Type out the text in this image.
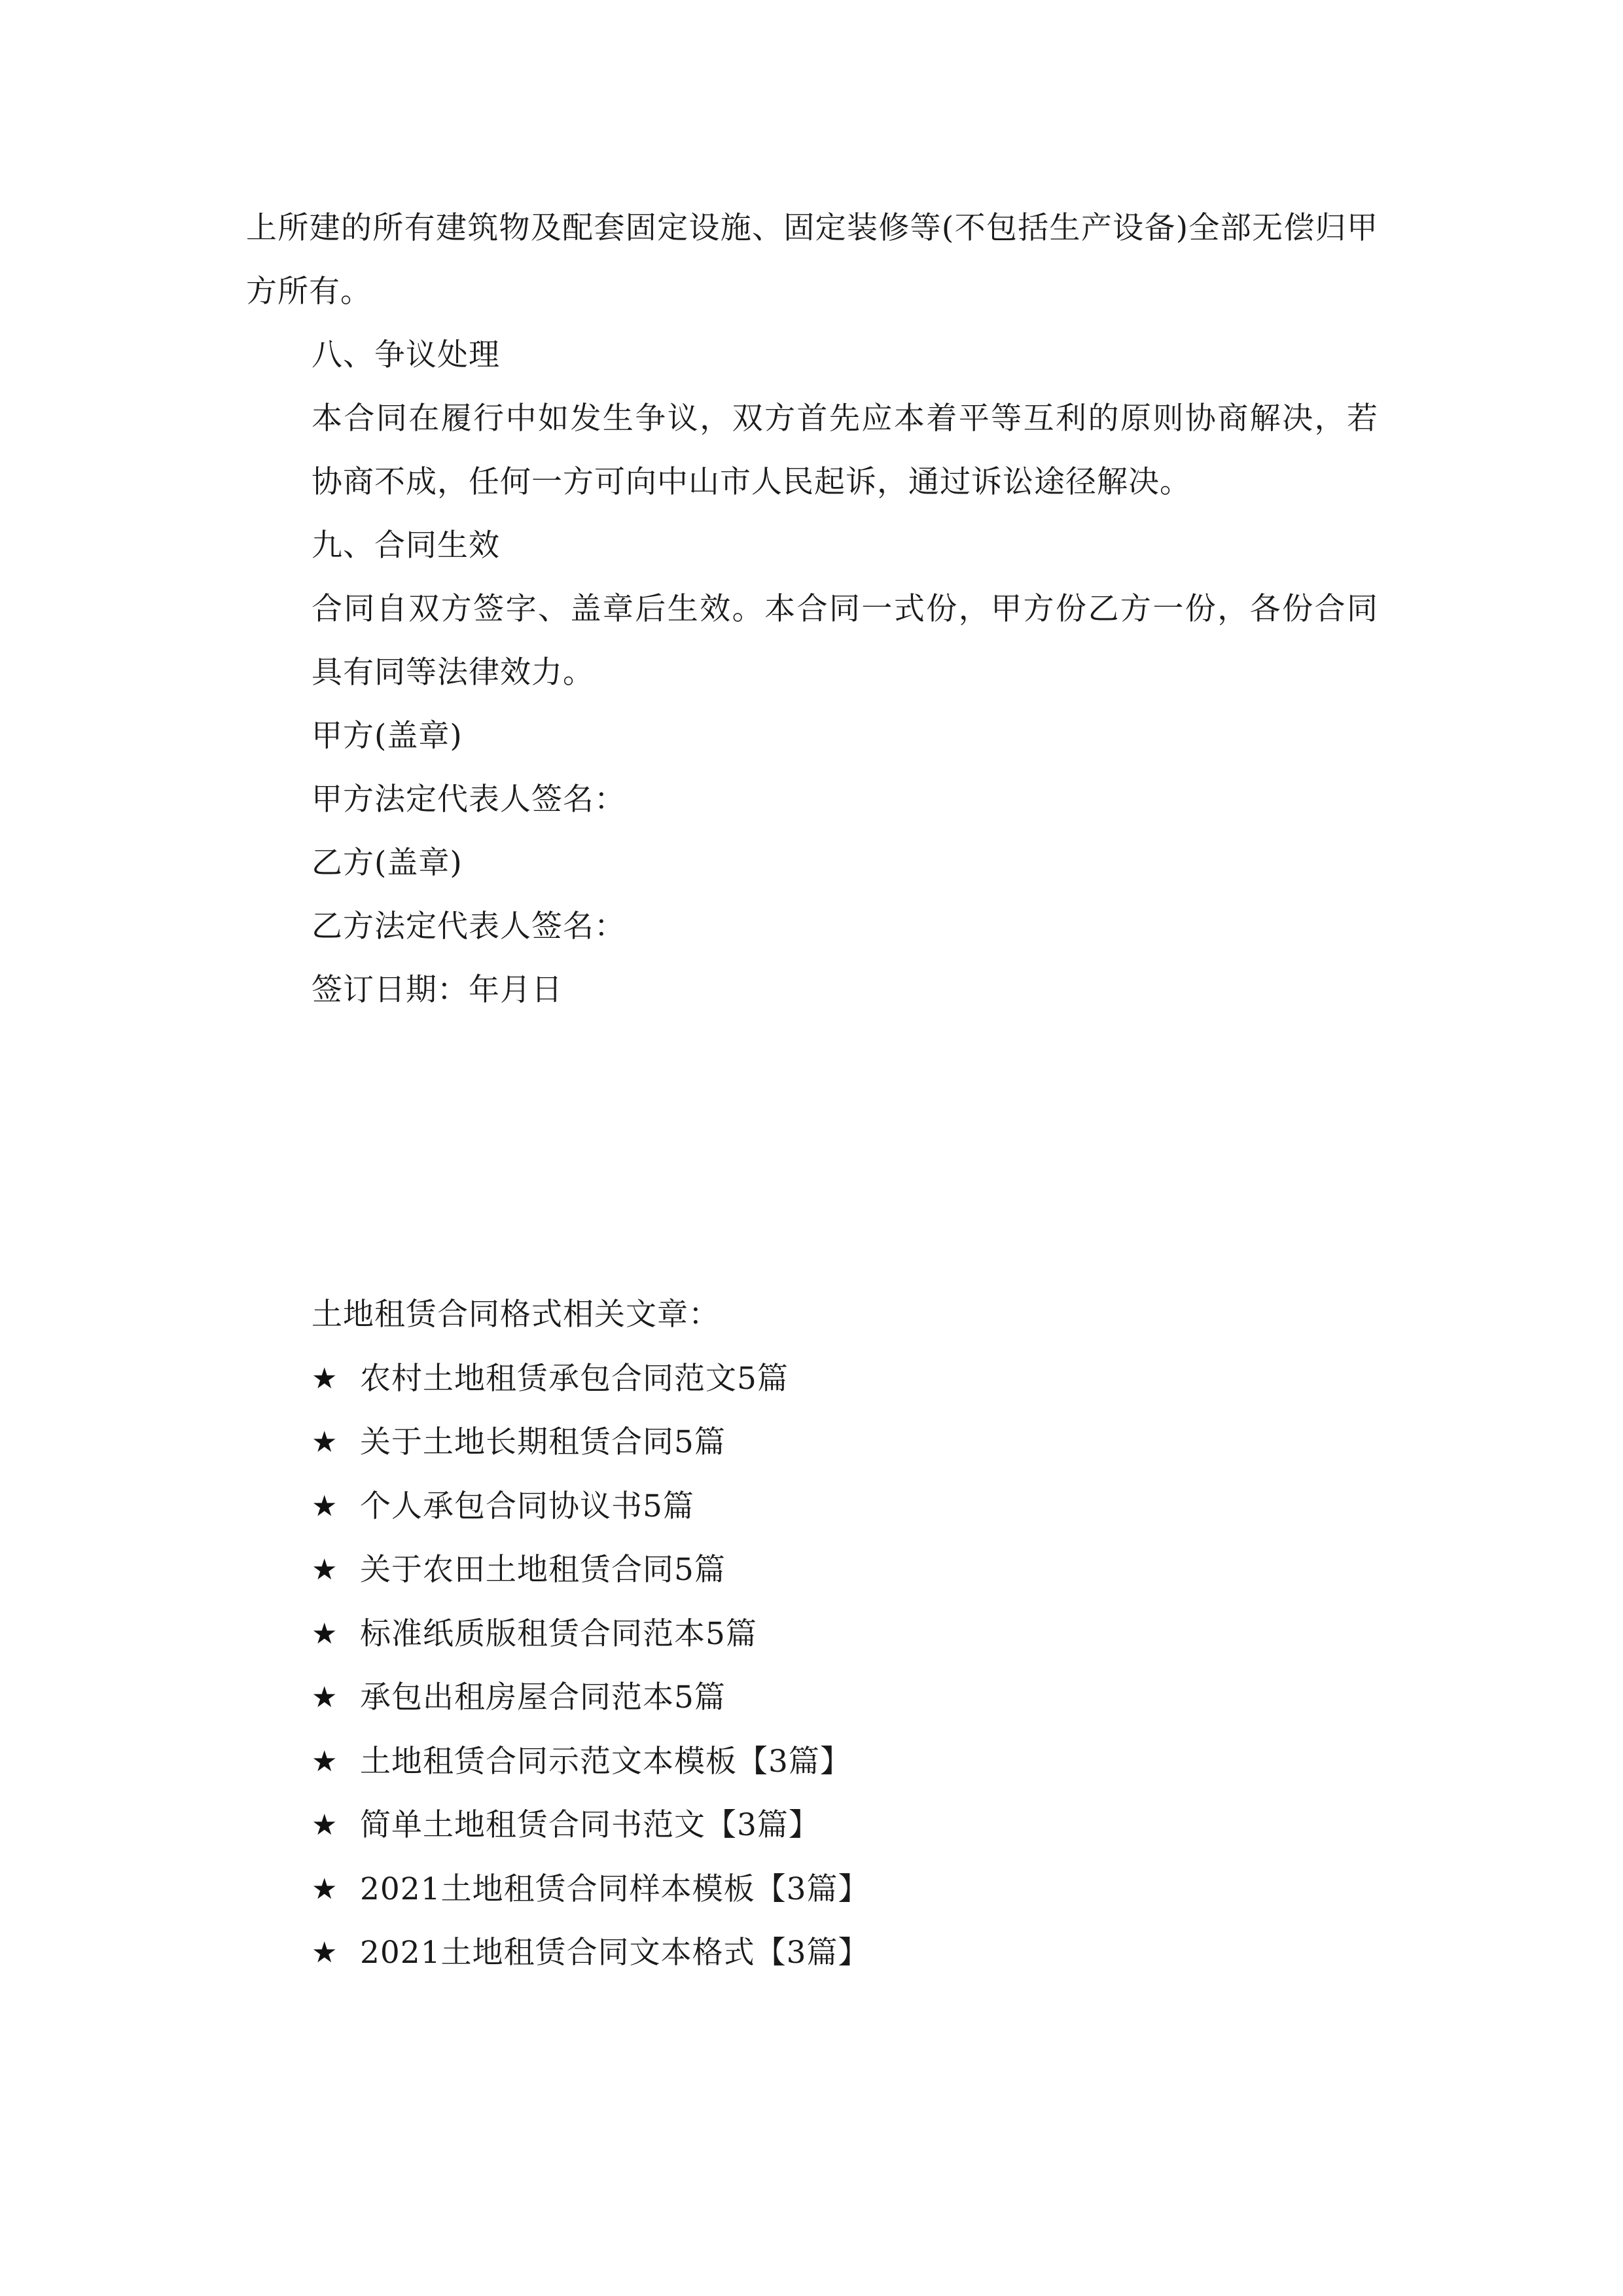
上所建的所有建筑物及配套固定设施、固定装修等(不包括生产设备)全部无偿归甲方所有。

八、争议处理

本合同在履行中如发生争议，双方首先应本着平等互利的原则协商解决，若协商不成，任何一方可向中山市人民起诉，通过诉讼途径解决。

九、合同生效

合同自双方签字、盖章后生效。本合同一式份，甲方份乙方一份，各份合同具有同等法律效力。

甲方(盖章)

甲方法定代表人签名：

乙方(盖章)

乙方法定代表人签名：

签订日期：年月日

土地租赁合同格式相关文章：

★ 农村土地租赁承包合同范文5篇
★ 关于土地长期租赁合同5篇
★ 个人承包合同协议书5篇
★ 关于农田土地租赁合同5篇
★ 标准纸质版租赁合同范本5篇
★ 承包出租房屋合同范本5篇
★ 土地租赁合同示范文本模板【3篇】
★ 简单土地租赁合同书范文【3篇】
★ 2021土地租赁合同样本模板【3篇】
★ 2021土地租赁合同文本格式【3篇】
